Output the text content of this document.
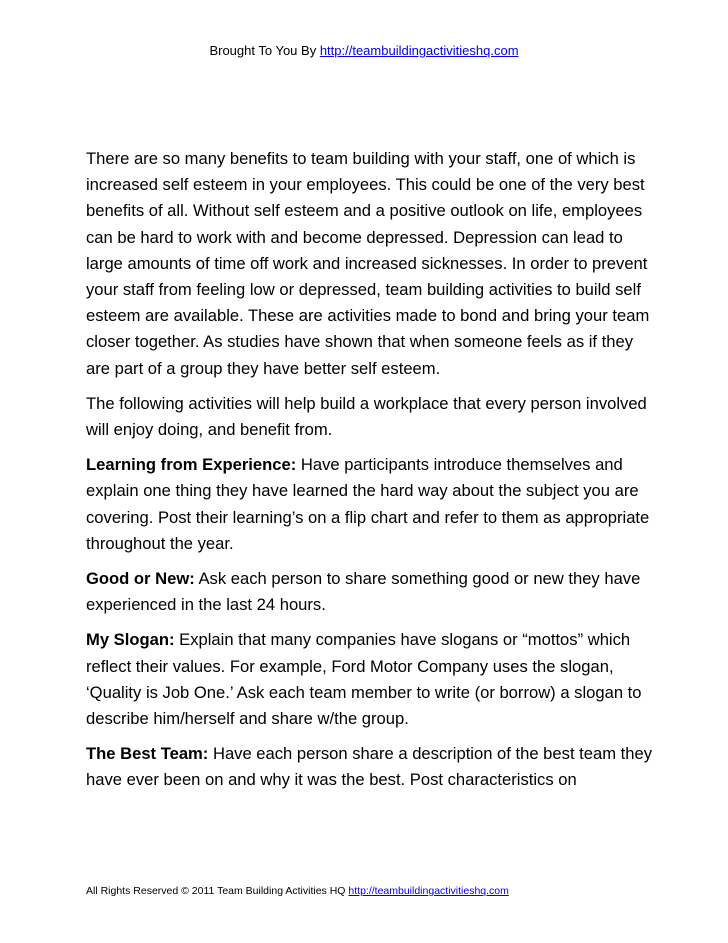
Brought To You By http://teambuildingactivitieshq.com

There are so many benefits to team building with your staff, one of which is increased self esteem in your employees. This could be one of the very best benefits of all. Without self esteem and a positive outlook on life, employees can be hard to work with and become depressed. Depression can lead to large amounts of time off work and increased sicknesses. In order to prevent your staff from feeling low or depressed, team building activities to build self esteem are available. These are activities made to bond and bring your team closer together. As studies have shown that when someone feels as if they are part of a group they have better self esteem.

The following activities will help build a workplace that every person involved will enjoy doing, and benefit from.

Learning from Experience: Have participants introduce themselves and explain one thing they have learned the hard way about the subject you are covering. Post their learning’s on a flip chart and refer to them as appropriate throughout the year.

Good or New: Ask each person to share something good or new they have experienced in the last 24 hours.

My Slogan: Explain that many companies have slogans or “mottos” which reflect their values. For example, Ford Motor Company uses the slogan, ‘Quality is Job One.’ Ask each team member to write (or borrow) a slogan to describe him/herself and share w/the group.

The Best Team: Have each person share a description of the best team they have ever been on and why it was the best. Post characteristics on

All Rights Reserved © 2011 Team Building Activities HQ http://teambuildingactivitieshq.com
